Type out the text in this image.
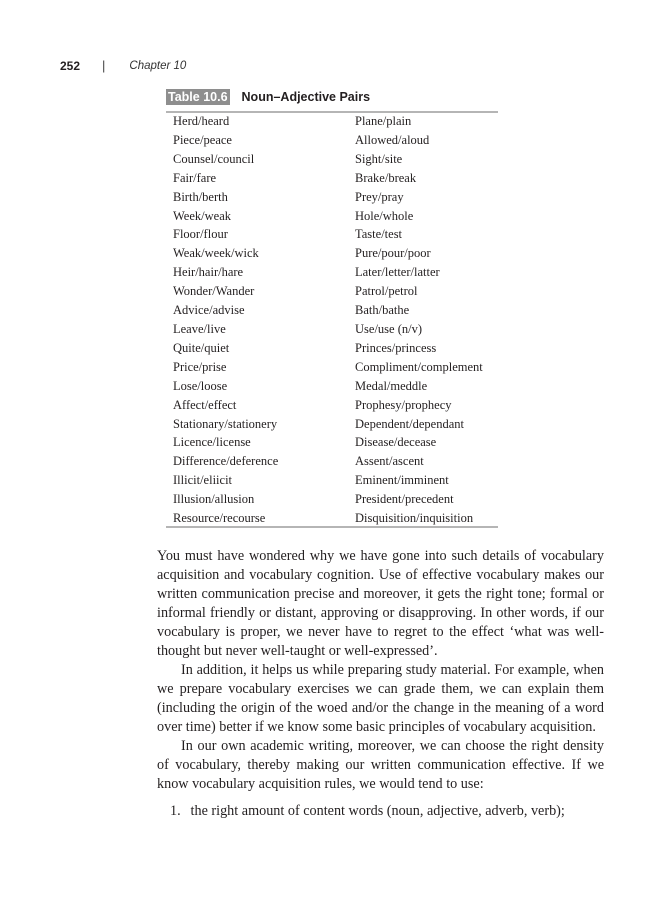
252 | Chapter 10
Table 10.6 Noun–Adjective Pairs
Herd/heard	Plane/plain
Piece/peace	Allowed/aloud
Counsel/council	Sight/site
Fair/fare	Brake/break
Birth/berth	Prey/pray
Week/weak	Hole/whole
Floor/flour	Taste/test
Weak/week/wick	Pure/pour/poor
Heir/hair/hare	Later/letter/latter
Wonder/Wander	Patrol/petrol
Advice/advise	Bath/bathe
Leave/live	Use/use (n/v)
Quite/quiet	Princes/princess
Price/prise	Compliment/complement
Lose/loose	Medal/meddle
Affect/effect	Prophesy/prophecy
Stationary/stationery	Dependent/dependant
Licence/license	Disease/decease
Difference/deference	Assent/ascent
Illicit/eliicit	Eminent/imminent
Illusion/allusion	President/precedent
Resource/recourse	Disquisition/inquisition

You must have wondered why we have gone into such details of vocabulary acquisition and vocabulary cognition. Use of effective vocabulary makes our written communication precise and moreover, it gets the right tone; formal or informal friendly or distant, approving or disapproving. In other words, if our vocabulary is proper, we never have to regret to the effect ‘what was well-thought but never well-taught or well-expressed’.

In addition, it helps us while preparing study material. For example, when we prepare vocabulary exercises we can grade them, we can explain them (including the origin of the woed and/or the change in the meaning of a word over time) better if we know some basic principles of vocabulary acquisition.

In our own academic writing, moreover, we can choose the right density of vocabulary, thereby making our written communication effective. If we know vocabulary acquisition rules, we would tend to use:

1. the right amount of content words (noun, adjective, adverb, verb);
